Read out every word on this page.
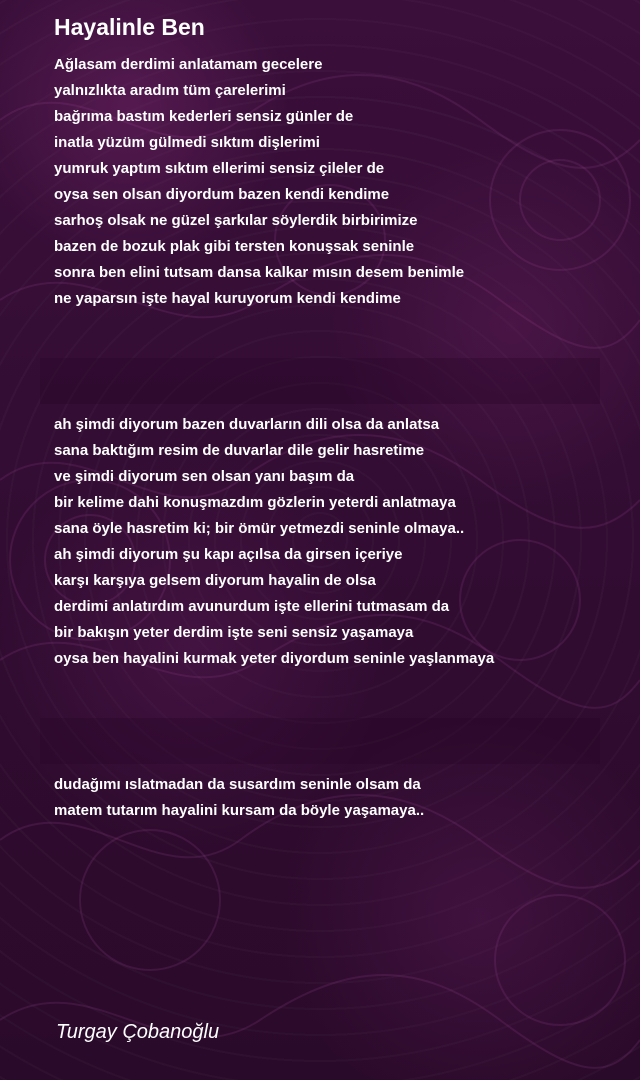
Hayalinle Ben
Ağlasam derdimi anlatamam gecelere
yalnızlıkta aradım tüm çarelerimi
bağrıma bastım kederleri sensiz günler de
inatla yüzüm gülmedi sıktım dişlerimi
yumruk yaptım sıktım ellerimi sensiz çileler de
oysa sen olsan diyordum bazen kendi kendime
sarhoş olsak ne güzel şarkılar söylerdik birbirimize
bazen de bozuk plak gibi tersten konuşsak seninle
sonra ben elini tutsam dansa kalkar mısın desem benimle
ne yaparsın işte hayal kuruyorum kendi kendime
ah şimdi diyorum bazen duvarların dili olsa da anlatsa
sana baktığım resim de duvarlar dile gelir hasretime
ve şimdi diyorum sen olsan yanı başım da
bir kelime dahi konuşmazdım gözlerin yeterdi anlatmaya
sana öyle hasretim ki; bir ömür yetmezdi seninle olmaya..
ah şimdi diyorum şu kapı açılsa da girsen içeriye
karşı karşıya gelsem diyorum hayalin de olsa
derdimi anlatırdım avunurdum işte ellerini tutmasam da
bir bakışın yeter derdim işte seni sensiz yaşamaya
oysa ben hayalini kurmak yeter diyordum seninle yaşlanmaya
dudağımı ıslatmadan da susardım seninle olsam da
matem tutarım hayalini kursam da böyle yaşamaya..

Turgay Çobanoğlu
